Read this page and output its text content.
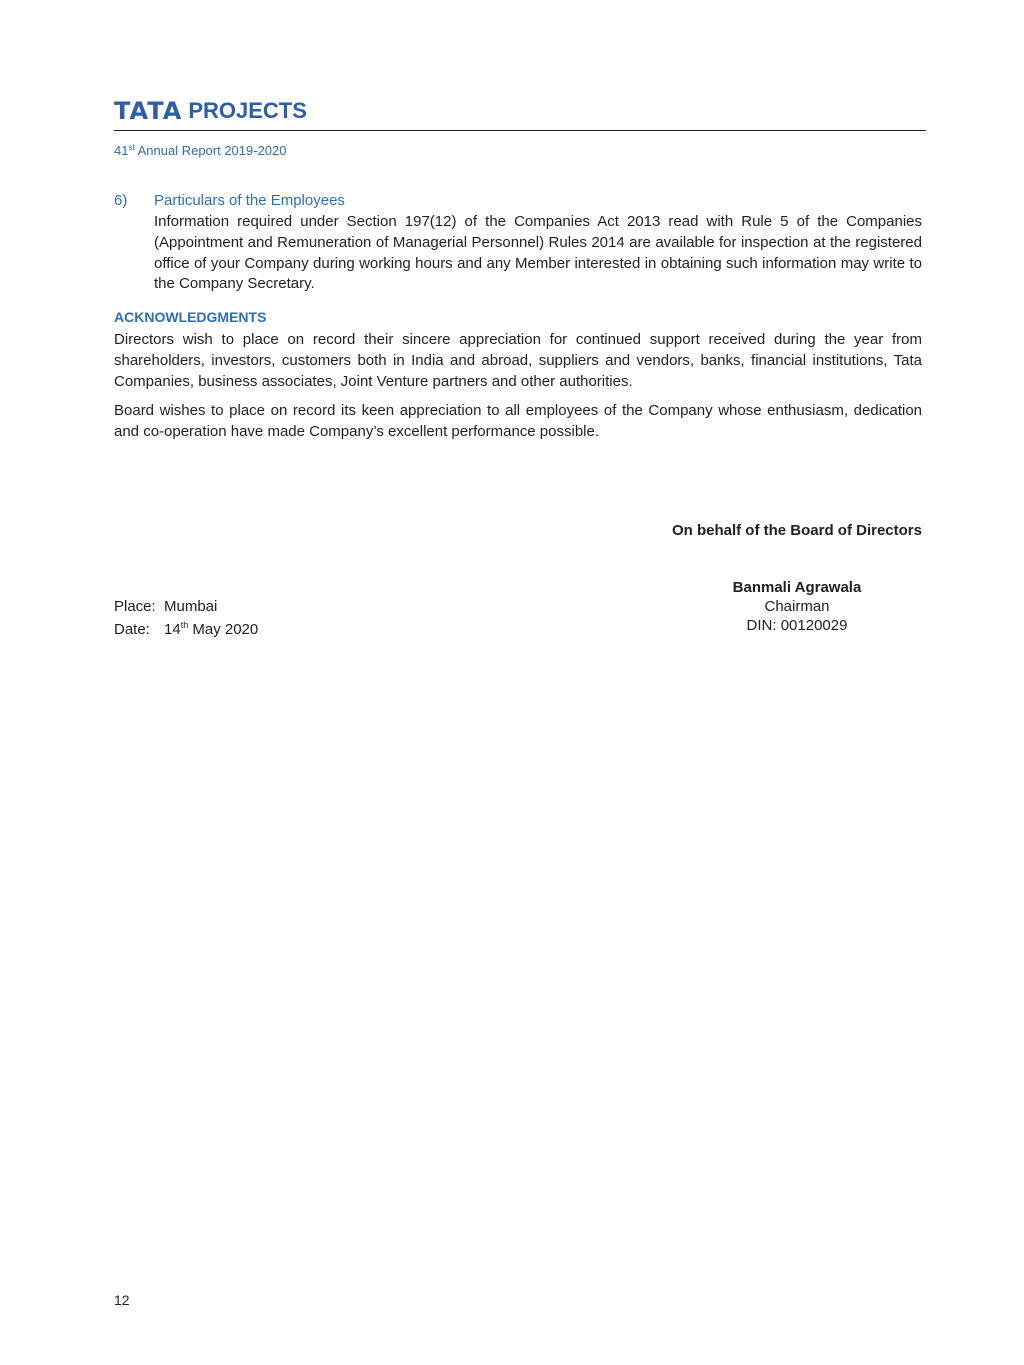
TATA PROJECTS
41st Annual Report 2019-2020
6) Particulars of the Employees
Information required under Section 197(12) of the Companies Act 2013 read with Rule 5 of the Companies (Appointment and Remuneration of Managerial Personnel) Rules 2014 are available for inspection at the registered office of your Company during working hours and any Member interested in obtaining such information may write to the Company Secretary.
ACKNOWLEDGMENTS
Directors wish to place on record their sincere appreciation for continued support received during the year from shareholders, investors, customers both in India and abroad, suppliers and vendors, banks, financial institutions, Tata Companies, business associates, Joint Venture partners and other authorities.
Board wishes to place on record its keen appreciation to all employees of the Company whose enthusiasm, dedication and co-operation have made Company’s excellent performance possible.
On behalf of the Board of Directors
Banmali Agrawala
Chairman
DIN: 00120029
Place: Mumbai
Date: 14th May 2020
12
